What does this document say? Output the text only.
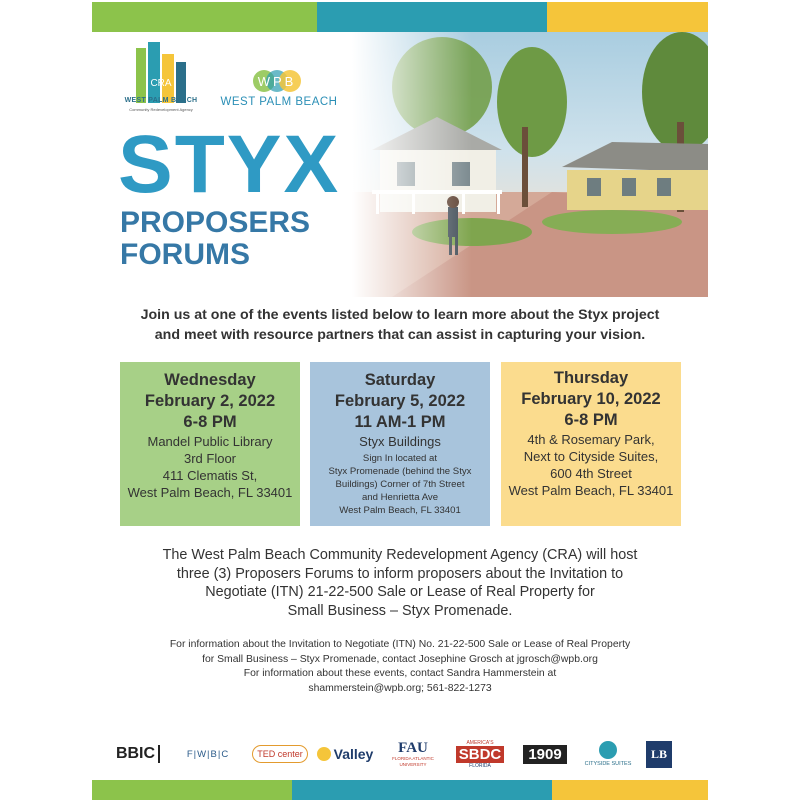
CRA
WEST PALM BEACH
Community Redevelopment Agency
WPB
WEST PALM BEACH
STYX
PROPOSERS
FORUMS

Join us at one of the events listed below to learn more about the Styx project
and meet with resource partners that can assist in capturing your vision.

Wednesday
February 2, 2022
6-8 PM
Mandel Public Library
3rd Floor
411 Clematis St,
West Palm Beach, FL 33401
Saturday
February 5, 2022
11 AM-1 PM
Styx Buildings
Sign In located at
Styx Promenade (behind the Styx
Buildings) Corner of 7th Street
and Henrietta Ave
West Palm Beach, FL 33401
Thursday
February 10, 2022
6-8 PM
4th & Rosemary Park,
Next to Cityside Suites,
600 4th Street
West Palm Beach, FL 33401

The West Palm Beach Community Redevelopment Agency (CRA) will host
three (3) Proposers Forums to inform proposers about the Invitation to
Negotiate (ITN) 21-22-500 Sale or Lease of Real Property for
Small Business – Styx Promenade.

For information about the Invitation to Negotiate (ITN) No. 21-22-500 Sale or Lease of Real Property
for Small Business – Styx Promenade, contact Josephine Grosch at jgrosch@wpb.org
For information about these events, contact Sandra Hammerstein at
shammerstein@wpb.org; 561-822-1273

BBIC	F|W|B|C	TED center	Valley FAU
FLORIDA ATLANTIC UNIVERSITY
AMERICA'S
SBDC
FLORIDA
1909
CITYSIDE SUITES
LB
